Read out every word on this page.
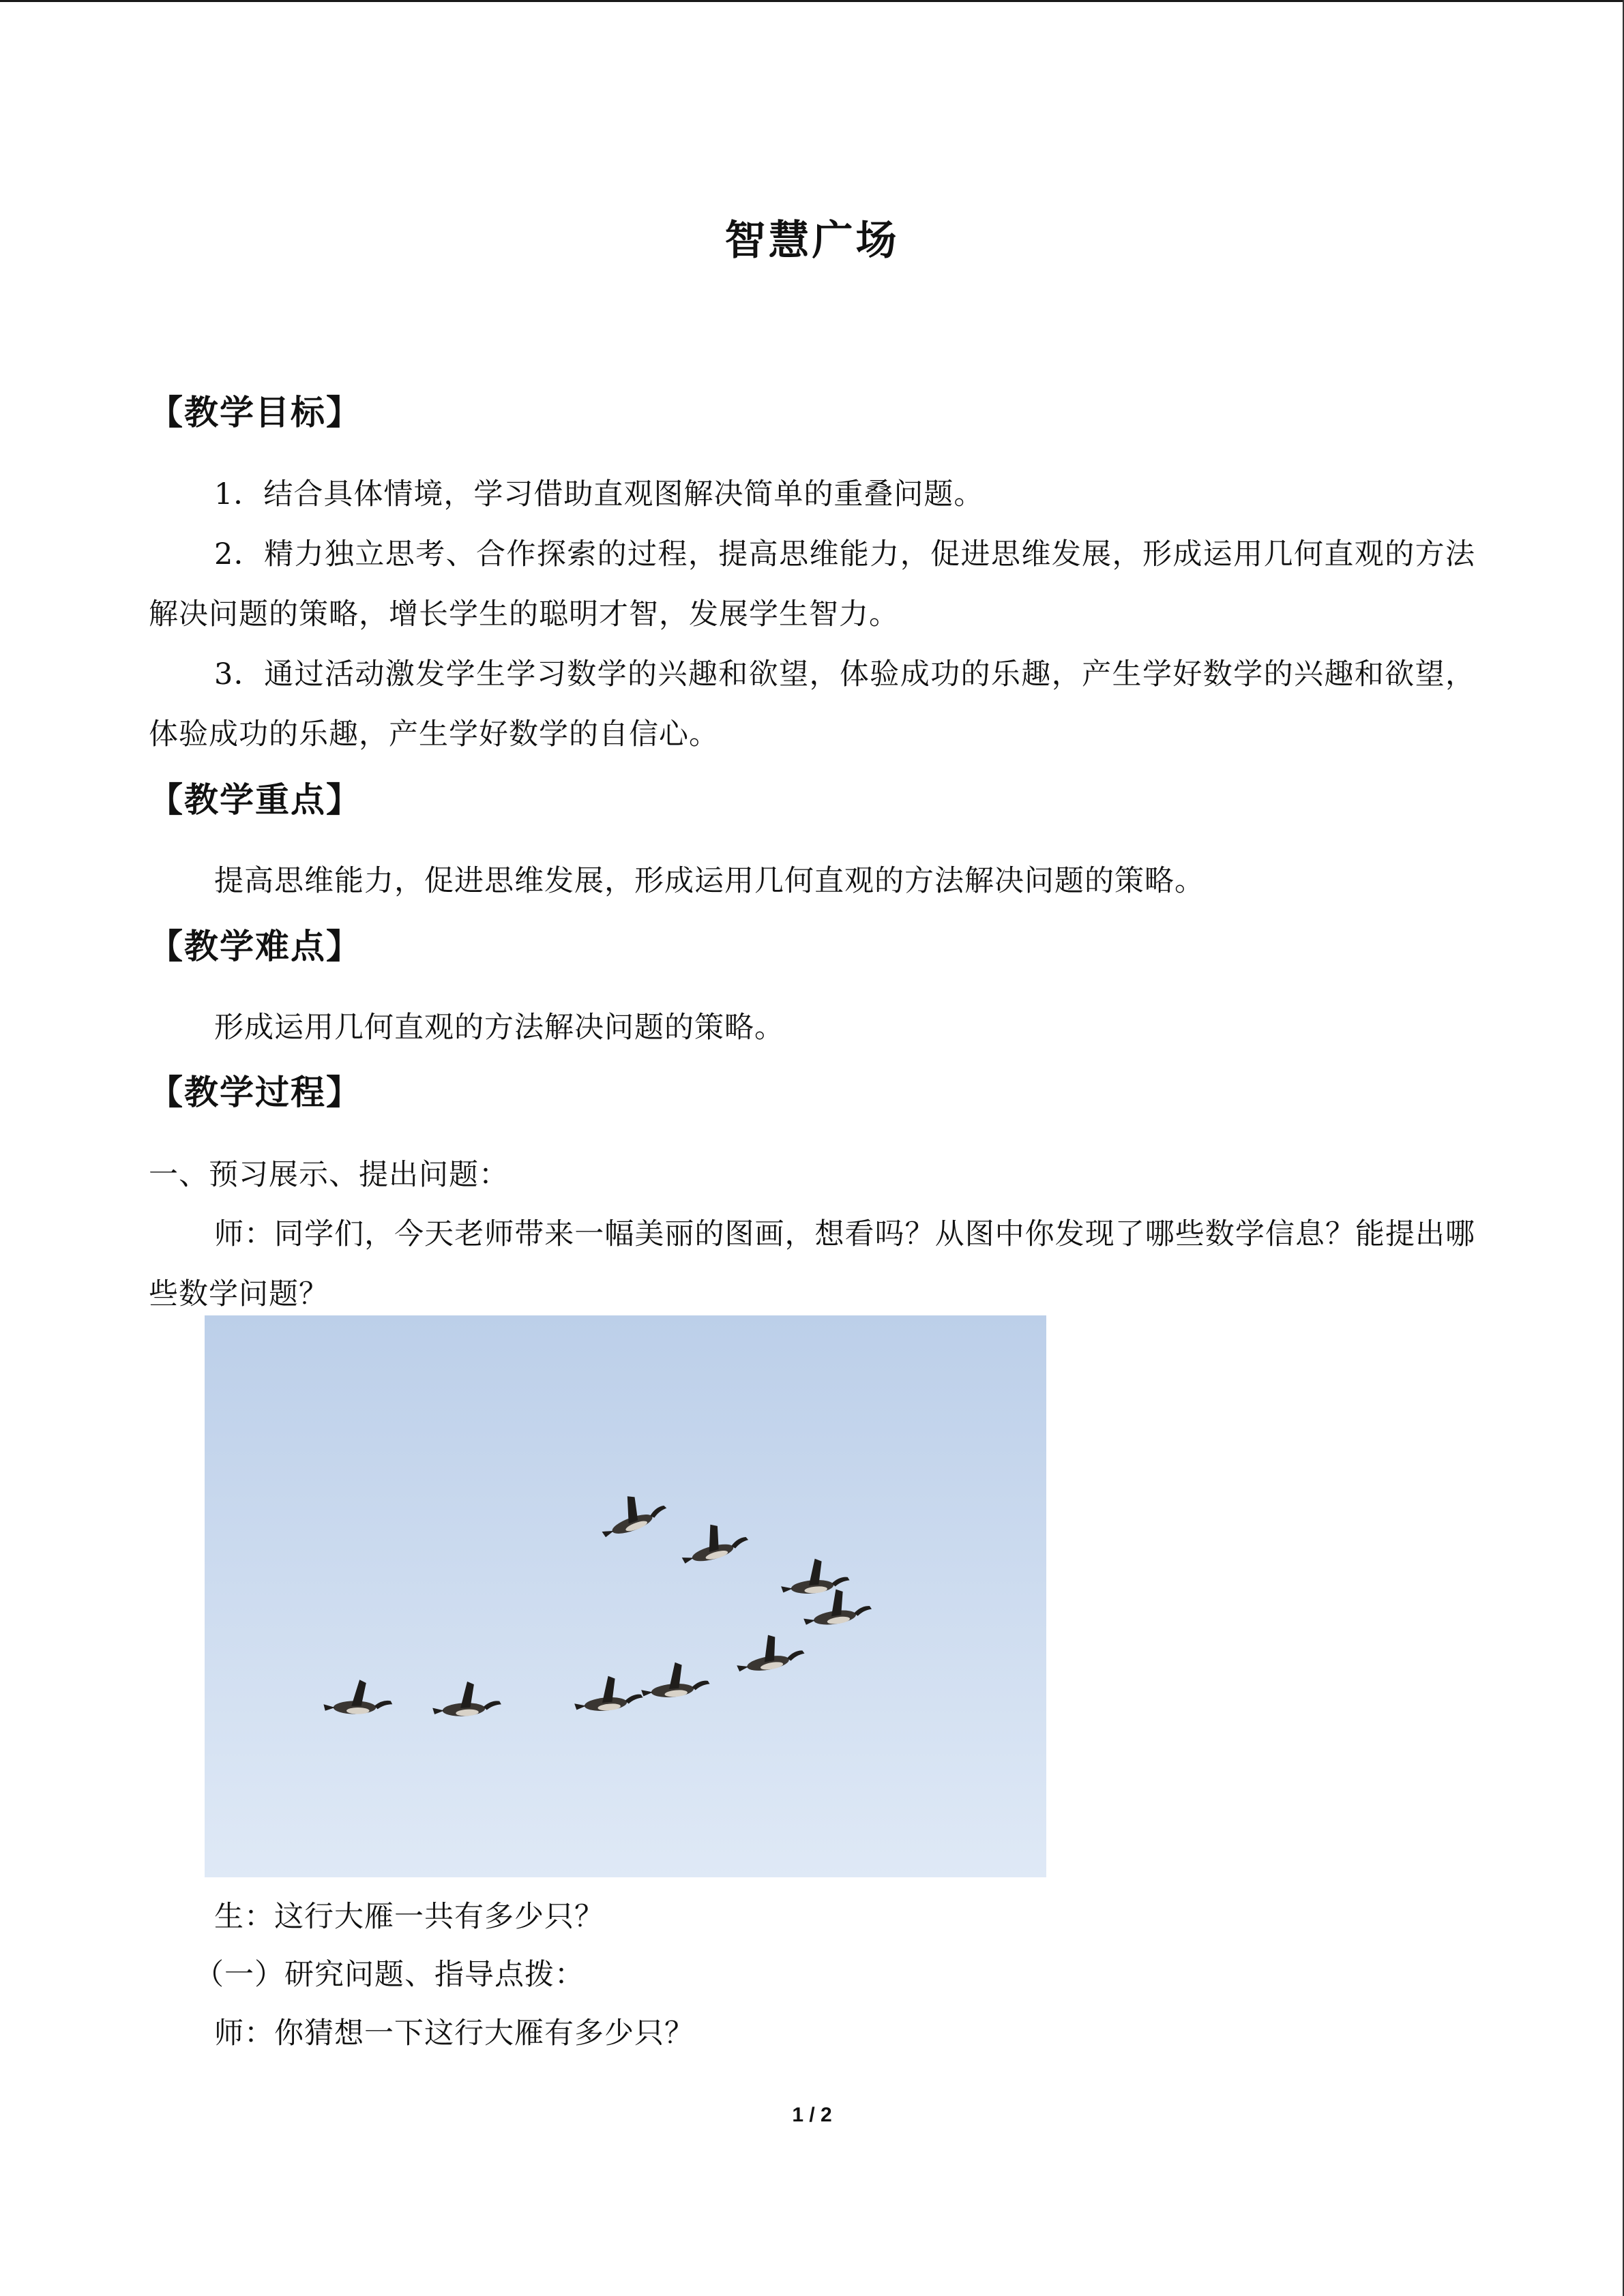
智慧广场
【教学目标】
1．结合具体情境，学习借助直观图解决简单的重叠问题。
2．精力独立思考、合作探索的过程，提高思维能力，促进思维发展，形成运用几何直观的方法解决问题的策略，增长学生的聪明才智，发展学生智力。
3．通过活动激发学生学习数学的兴趣和欲望，体验成功的乐趣，产生学好数学的兴趣和欲望，体验成功的乐趣，产生学好数学的自信心。
【教学重点】
提高思维能力，促进思维发展，形成运用几何直观的方法解决问题的策略。
【教学难点】
形成运用几何直观的方法解决问题的策略。
【教学过程】
一、预习展示、提出问题：
师：同学们，今天老师带来一幅美丽的图画，想看吗？从图中你发现了哪些数学信息？能提出哪些数学问题？
生：这行大雁一共有多少只？
（一）研究问题、指导点拨：
师：你猜想一下这行大雁有多少只？
1 / 2
